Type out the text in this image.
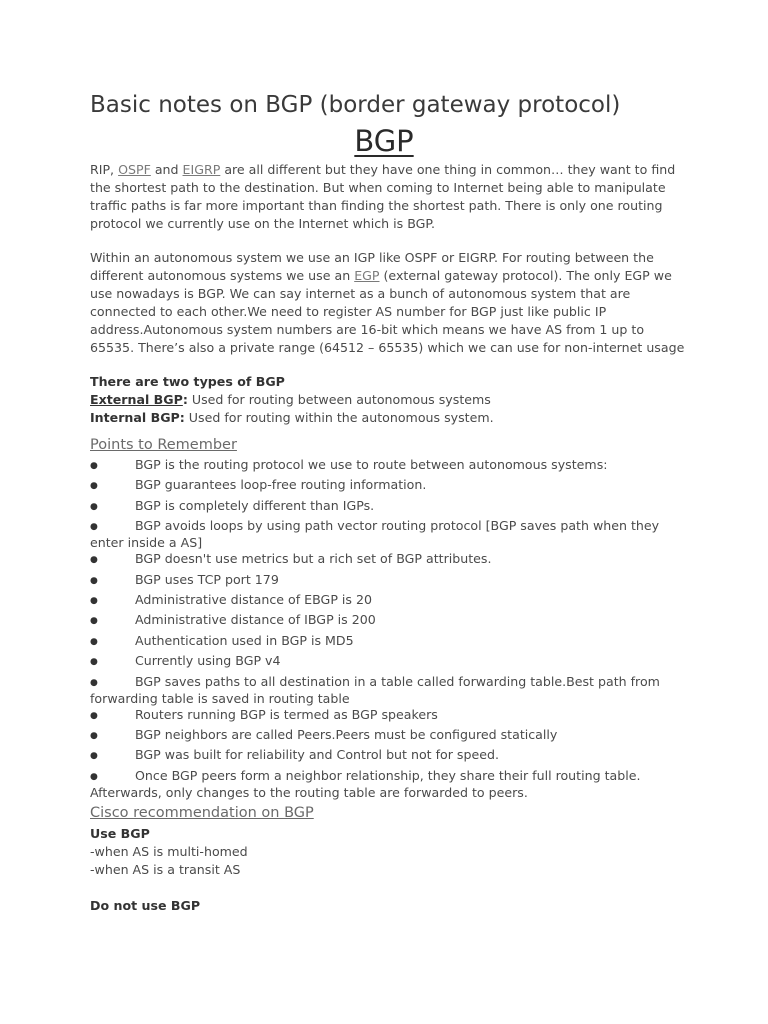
Basic notes on BGP (border gateway protocol)
BGP

RIP, OSPF and EIGRP are all different but they have one thing in common… they want to find the shortest path to the destination. But when coming to Internet being able to manipulate traffic paths is far more important than finding the shortest path. There is only one routing protocol we currently use on the Internet which is BGP.

Within an autonomous system we use an IGP like OSPF or EIGRP. For routing between the different autonomous systems we use an EGP (external gateway protocol). The only EGP we use nowadays is BGP. We can say internet as a bunch of autonomous system that are connected to each other.We need to register AS number for BGP just like public IP address.Autonomous system numbers are 16-bit which means we have AS from 1 up to 65535. There’s also a private range (64512 – 65535) which we can use for non-internet usage

There are two types of BGP

External BGP: Used for routing between autonomous systems

Internal BGP: Used for routing within the autonomous system.

Points to Remember
●	BGP is the routing protocol we use to route between autonomous systems:
●	BGP guarantees loop-free routing information.
●	BGP is completely different than IGPs.
●	BGP avoids loops by using path vector routing protocol [BGP saves path when they enter inside a AS]
●	BGP doesn't use metrics but a rich set of BGP attributes.
●	BGP uses TCP port 179
●	Administrative distance of EBGP is 20
●	Administrative distance of IBGP is 200
●	Authentication used in BGP is MD5
●	Currently using BGP v4
●	BGP saves paths to all destination in a table called forwarding table.Best path from forwarding table is saved in routing table
●	Routers running BGP is termed as BGP speakers
●	BGP neighbors are called Peers.Peers must be configured statically
●	BGP was built for reliability and Control but not for speed.
●	Once BGP peers form a neighbor relationship, they share their full routing table. Afterwards, only changes to the routing table are forwarded to peers.
Cisco recommendation on BGP
Use BGP

-when AS is multi-homed

-when AS is a transit AS

Do not use BGP
